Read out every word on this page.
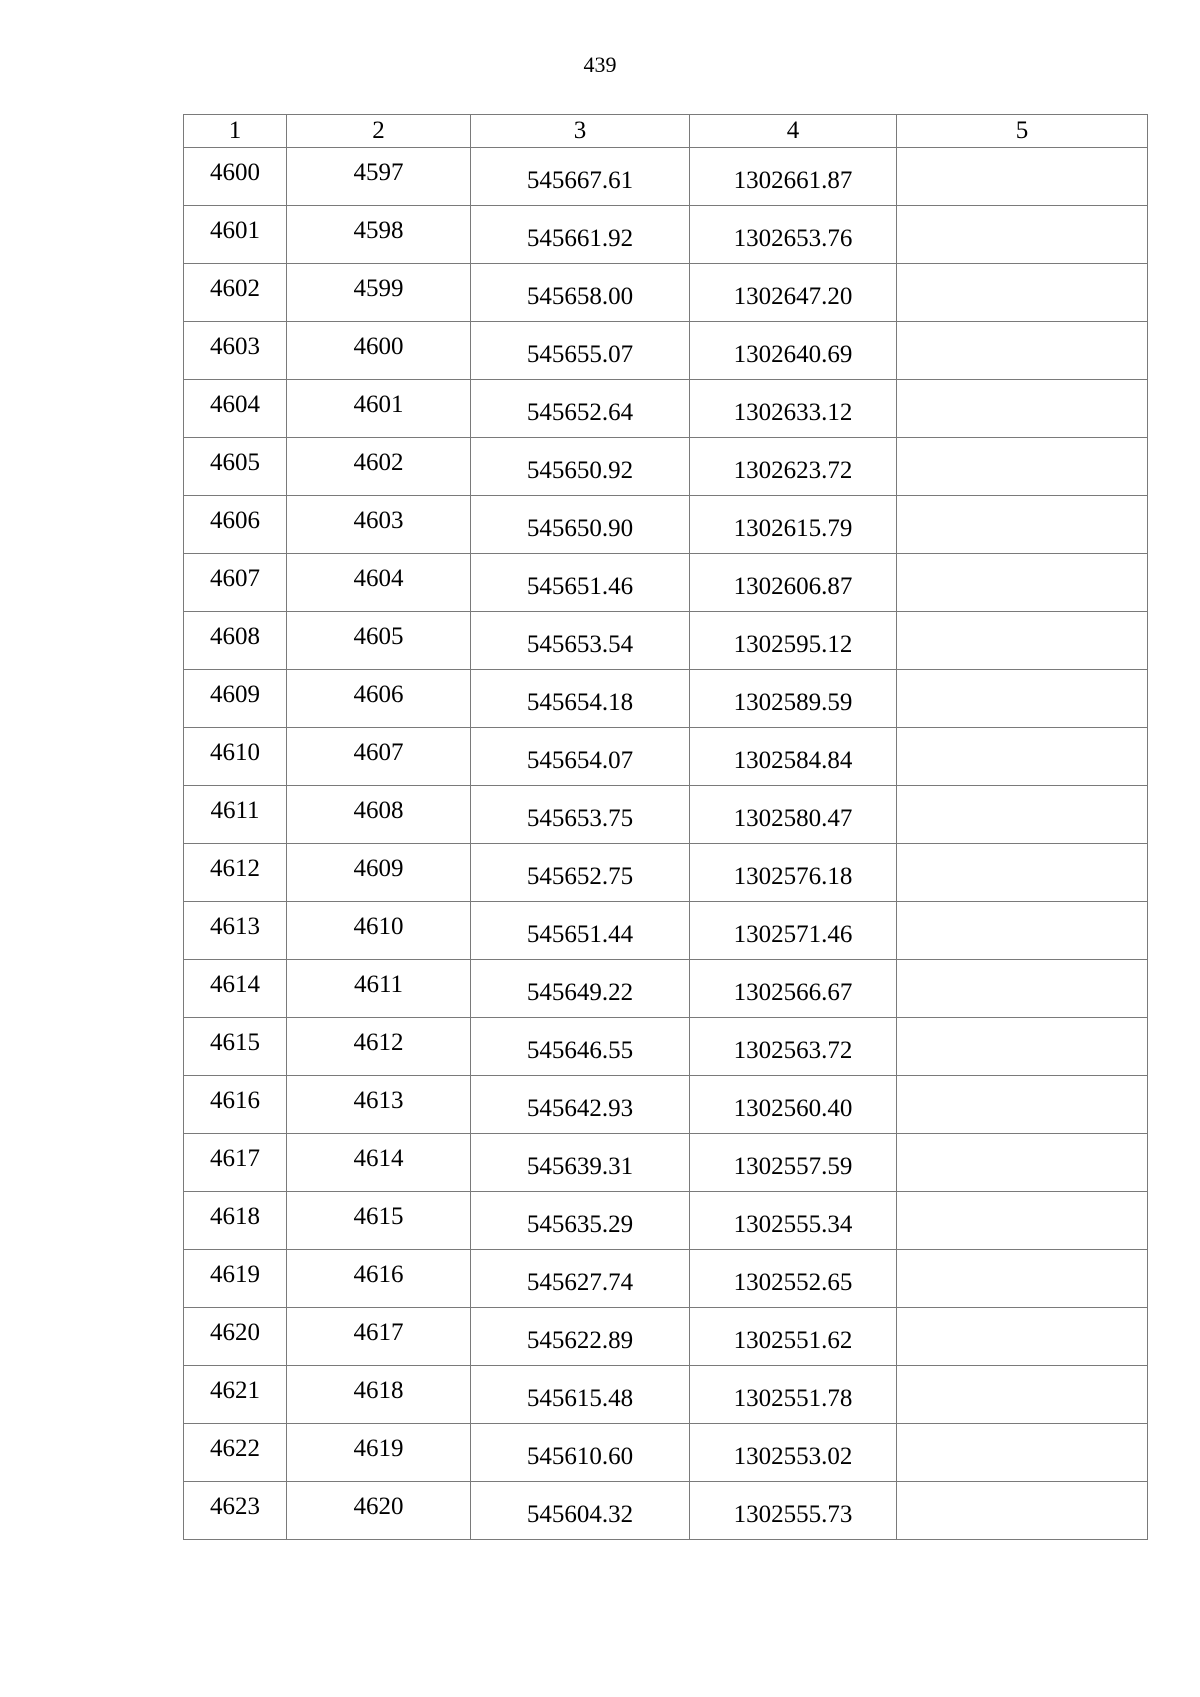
439
1	2	3	4	5
4600	4597	545667.61	1302661.87	
4601	4598	545661.92	1302653.76	
4602	4599	545658.00	1302647.20	
4603	4600	545655.07	1302640.69	
4604	4601	545652.64	1302633.12	
4605	4602	545650.92	1302623.72	
4606	4603	545650.90	1302615.79	
4607	4604	545651.46	1302606.87	
4608	4605	545653.54	1302595.12	
4609	4606	545654.18	1302589.59	
4610	4607	545654.07	1302584.84	
4611	4608	545653.75	1302580.47	
4612	4609	545652.75	1302576.18	
4613	4610	545651.44	1302571.46	
4614	4611	545649.22	1302566.67	
4615	4612	545646.55	1302563.72	
4616	4613	545642.93	1302560.40	
4617	4614	545639.31	1302557.59	
4618	4615	545635.29	1302555.34	
4619	4616	545627.74	1302552.65	
4620	4617	545622.89	1302551.62	
4621	4618	545615.48	1302551.78	
4622	4619	545610.60	1302553.02	
4623	4620	545604.32	1302555.73	
